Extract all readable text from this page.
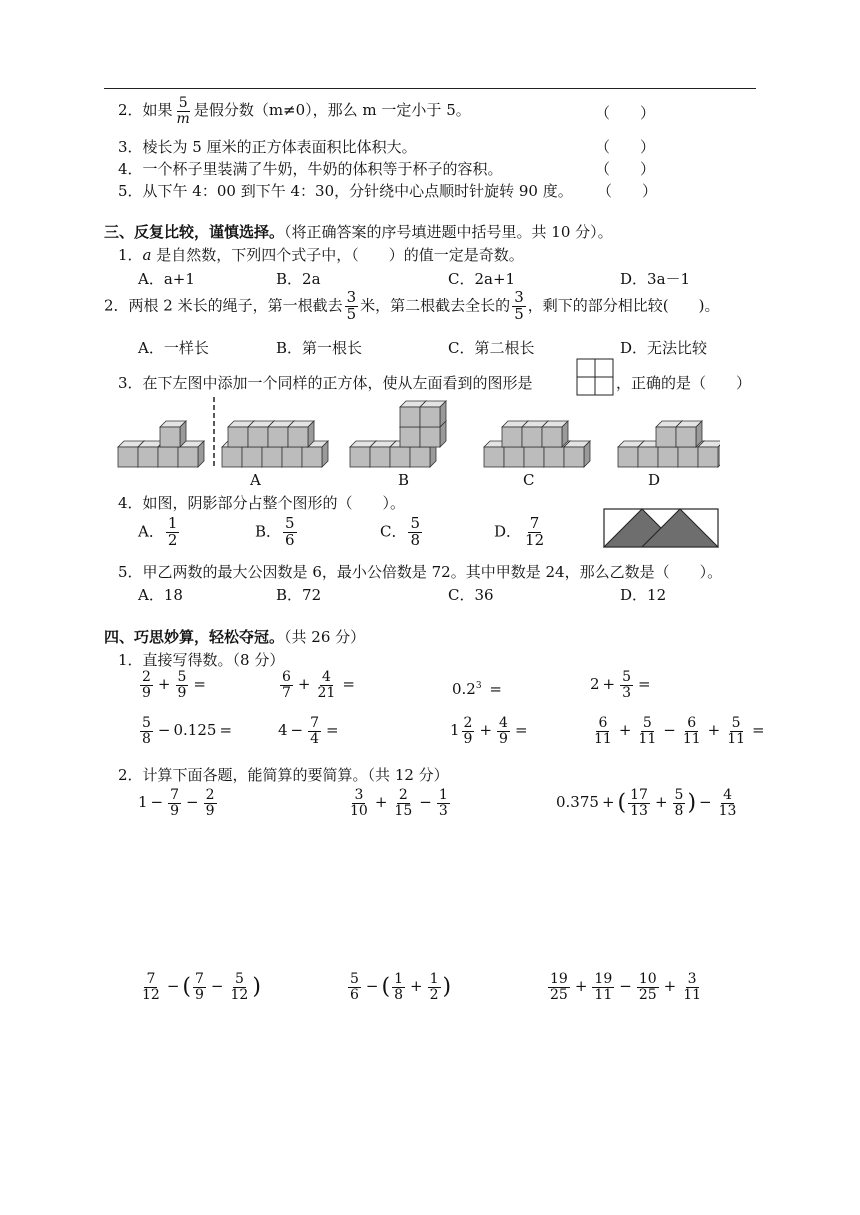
2．如果 $\frac{5}{m}$ 是假分数（m≠0），那么 m 一定小于 5。	（　　）
3．棱长为 5 厘米的正方体表面积比体积大。	（　　）
4．一个杯子里装满了牛奶，牛奶的体积等于杯子的容积。	（　　）
5．从下午 4：00 到下午 4：30，分针绕中心点顺时针旋转 90 度。 （　　）
三、反复比较，谨慎选择。（将正确答案的序号填进题中括号里。共 10 分）。
1．a 是自然数，下列四个式子中，（　　）的值一定是奇数。
A．a+1	B．2a	C．2a+1	D．3a－1
2．两根 2 米长的绳子，第一根截去 $\frac{3}{5}$ 米，第二根截去全长的 $\frac{3}{5}$ ，剩下的部分相比较(　　)。
A．一样长	B．第一根长	C．第二根长	D．无法比较
3．在下左图中添加一个同样的正方体，使从左面看到的图形是	，正确的是（　　）
A	B	C	D
4．如图，阴影部分占整个图形的（　　）。
A． $\frac{1}{2}$	B． $\frac{5}{6}$	C． $\frac{5}{8}$	D． $\frac{7}{12}$
5．甲乙两数的最大公因数是 6，最小公倍数是 72。其中甲数是 24，那么乙数是（　　）。
A．18	B．72	C．36	D．12
四、巧思妙算，轻松夺冠。（共 26 分）
1．直接写得数。（8 分）
$\frac{2}{9} + \frac{5}{9}$ =	$\frac{6}{7} + \frac{4}{21}$ =	$0.2^3$ =	$2 + \frac{5}{3}$ =
$\frac{5}{8} - 0.125$ =	$4 - \frac{7}{4}$ =	$1 \frac{2}{9} + \frac{4}{9}$ =	$\frac{6}{11} + \frac{5}{11} - \frac{6}{11} + \frac{5}{11}$ =
2．计算下面各题，能简算的要简算。（共 12 分）
$1 - \frac{7}{9} - \frac{2}{9}$	$\frac{3}{10} + \frac{2}{15} - \frac{1}{3}$	0.375 + ( $\frac{17}{13} + \frac{5}{8}$ ) − $\frac{4}{13}$
$\frac{7}{12}$ − ( $\frac{7}{9} - \frac{5}{12}$ )	$\frac{5}{6}$ − ( $\frac{1}{8} + \frac{1}{2}$ )	$\frac{19}{25} + \frac{19}{11} - \frac{10}{25} + \frac{3}{11}$
